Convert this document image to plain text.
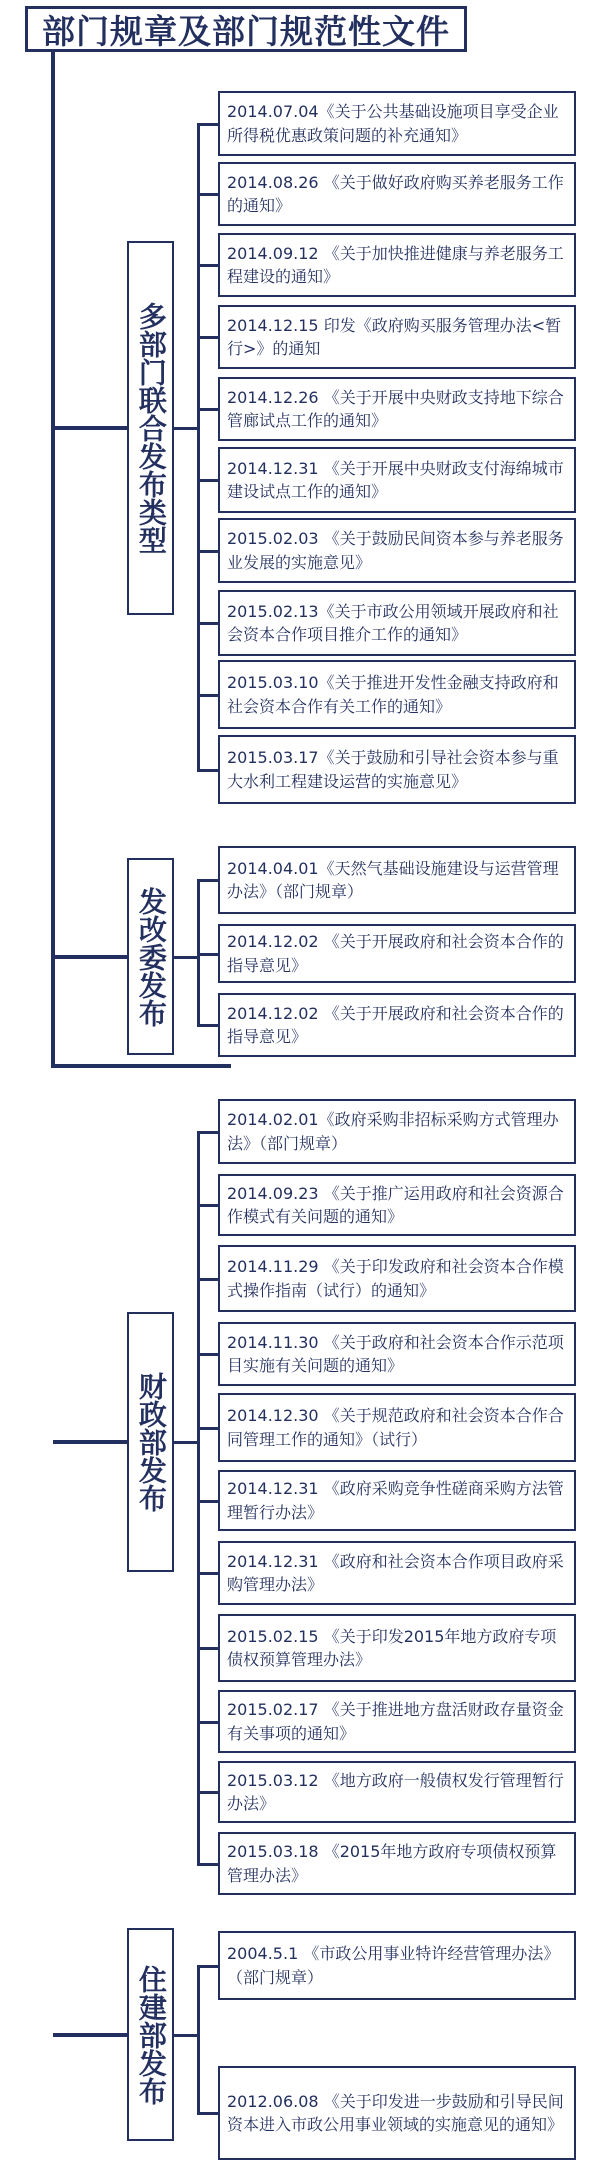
部门规章及部门规范性文件
多部门联合发布类型
2014.07.04《关于公共基础设施项目享受企业所得税优惠政策问题的补充通知》
2014.08.26 《关于做好政府购买养老服务工作的通知》
2014.09.12 《关于加快推进健康与养老服务工程建设的通知》
2014.12.15 印发《政府购买服务管理办法<暂行>》的通知
2014.12.26 《关于开展中央财政支持地下综合管廊试点工作的通知》
2014.12.31 《关于开展中央财政支付海绵城市建设试点工作的通知》
2015.02.03 《关于鼓励民间资本参与养老服务业发展的实施意见》
2015.02.13《关于市政公用领域开展政府和社会资本合作项目推介工作的通知》
2015.03.10《关于推进开发性金融支持政府和社会资本合作有关工作的通知》
2015.03.17《关于鼓励和引导社会资本参与重大水利工程建设运营的实施意见》
发改委发布
2014.04.01《天然气基础设施建设与运营管理办法》（部门规章）
2014.12.02 《关于开展政府和社会资本合作的指导意见》
2014.12.02 《关于开展政府和社会资本合作的指导意见》
财政部发布
2014.02.01《政府采购非招标采购方式管理办法》（部门规章）
2014.09.23 《关于推广运用政府和社会资源合作模式有关问题的通知》
2014.11.29 《关于印发政府和社会资本合作模式操作指南（试行）的通知》
2014.11.30 《关于政府和社会资本合作示范项目实施有关问题的通知》
2014.12.30 《关于规范政府和社会资本合作合同管理工作的通知》（试行）
2014.12.31 《政府采购竞争性磋商采购方法管理暂行办法》
2014.12.31 《政府和社会资本合作项目政府采购管理办法》
2015.02.15 《关于印发2015年地方政府专项债权预算管理办法》
2015.02.17 《关于推进地方盘活财政存量资金有关事项的通知》
2015.03.12 《地方政府一般债权发行管理暂行办法》
2015.03.18 《2015年地方政府专项债权预算管理办法》
住建部发布
2004.5.1 《市政公用事业特许经营管理办法》（部门规章）
2012.06.08 《关于印发进一步鼓励和引导民间资本进入市政公用事业领域的实施意见的通知》
